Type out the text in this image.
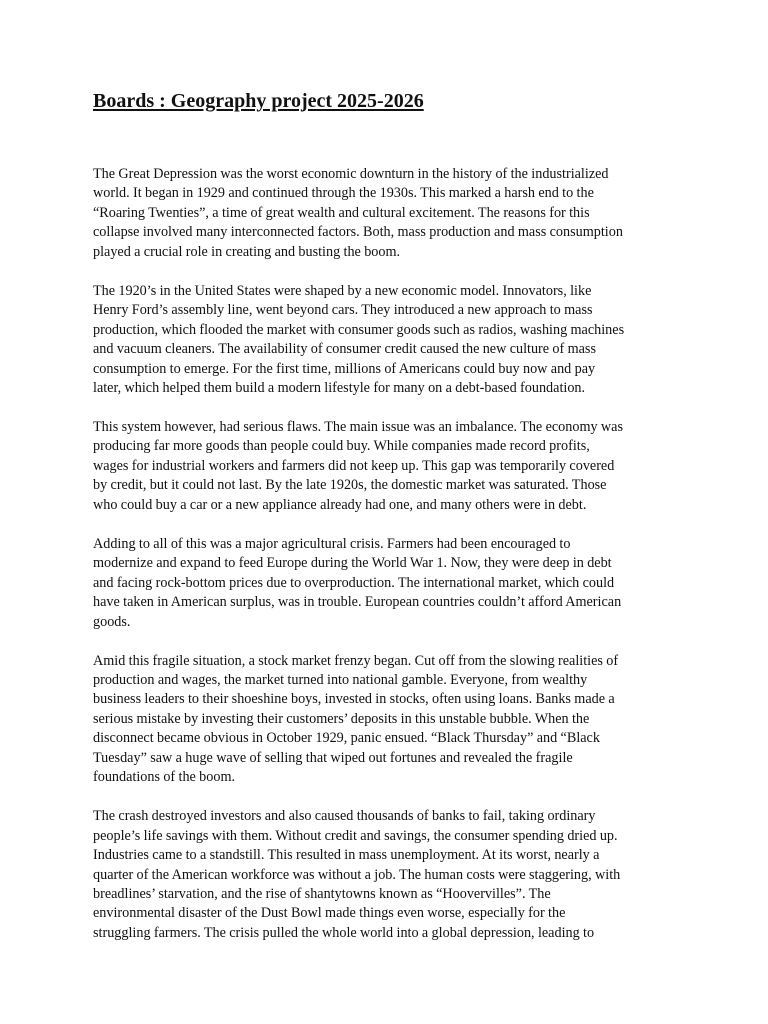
Boards : Geography project 2025-2026

The Great Depression was the worst economic downturn in the history of the industrialized
world. It began in 1929 and continued through the 1930s. This marked a harsh end to the
“Roaring Twenties”, a time of great wealth and cultural excitement. The reasons for this
collapse involved many interconnected factors. Both, mass production and mass consumption
played a crucial role in creating and busting the boom.

The 1920’s in the United States were shaped by a new economic model. Innovators, like
Henry Ford’s assembly line, went beyond cars. They introduced a new approach to mass
production, which flooded the market with consumer goods such as radios, washing machines
and vacuum cleaners. The availability of consumer credit caused the new culture of mass
consumption to emerge. For the first time, millions of Americans could buy now and pay
later, which helped them build a modern lifestyle for many on a debt-based foundation.

This system however, had serious flaws. The main issue was an imbalance. The economy was
producing far more goods than people could buy. While companies made record profits,
wages for industrial workers and farmers did not keep up. This gap was temporarily covered
by credit, but it could not last. By the late 1920s, the domestic market was saturated. Those
who could buy a car or a new appliance already had one, and many others were in debt.

Adding to all of this was a major agricultural crisis. Farmers had been encouraged to
modernize and expand to feed Europe during the World War 1. Now, they were deep in debt
and facing rock-bottom prices due to overproduction. The international market, which could
have taken in American surplus, was in trouble. European countries couldn’t afford American
goods.

Amid this fragile situation, a stock market frenzy began. Cut off from the slowing realities of
production and wages, the market turned into national gamble. Everyone, from wealthy
business leaders to their shoeshine boys, invested in stocks, often using loans. Banks made a
serious mistake by investing their customers’ deposits in this unstable bubble. When the
disconnect became obvious in October 1929, panic ensued. “Black Thursday” and “Black
Tuesday” saw a huge wave of selling that wiped out fortunes and revealed the fragile
foundations of the boom.

The crash destroyed investors and also caused thousands of banks to fail, taking ordinary
people’s life savings with them. Without credit and savings, the consumer spending dried up.
Industries came to a standstill. This resulted in mass unemployment. At its worst, nearly a
quarter of the American workforce was without a job. The human costs were staggering, with
breadlines’ starvation, and the rise of shantytowns known as “Hoovervilles”. The
environmental disaster of the Dust Bowl made things even worse, especially for the
struggling farmers. The crisis pulled the whole world into a global depression, leading to
